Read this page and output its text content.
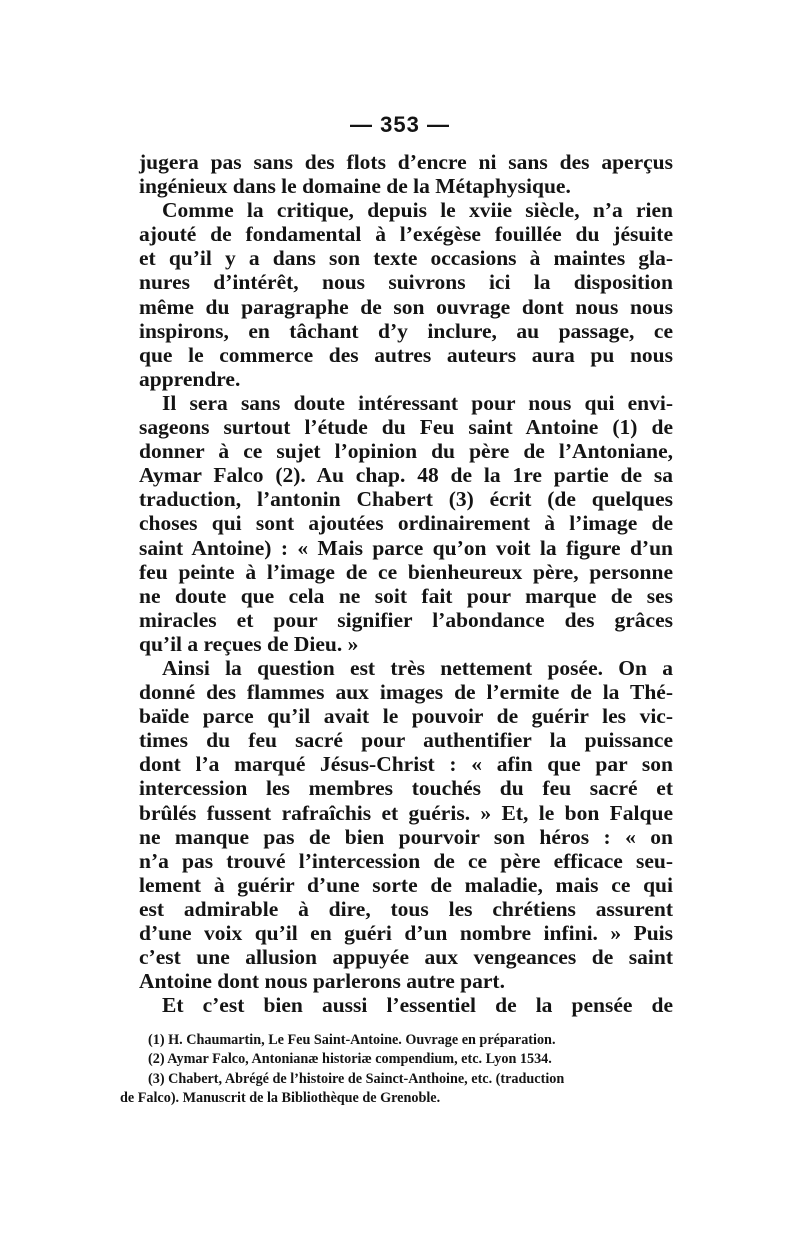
— 353 —
jugera pas sans des flots d’encre ni sans des aperçus
ingénieux dans le domaine de la Métaphysique.
Comme la critique, depuis le xviie siècle, n’a rien
ajouté de fondamental à l’exégèse fouillée du jésuite
et qu’il y a dans son texte occasions à maintes gla-
nures d’intérêt, nous suivrons ici la disposition
même du paragraphe de son ouvrage dont nous nous
inspirons, en tâchant d’y inclure, au passage, ce
que le commerce des autres auteurs aura pu nous
apprendre.
Il sera sans doute intéressant pour nous qui envi-
sageons surtout l’étude du Feu saint Antoine (1) de
donner à ce sujet l’opinion du père de l’Antoniane,
Aymar Falco (2). Au chap. 48 de la 1re partie de sa
traduction, l’antonin Chabert (3) écrit (de quelques
choses qui sont ajoutées ordinairement à l’image de
saint Antoine) : « Mais parce qu’on voit la figure d’un
feu peinte à l’image de ce bienheureux père, personne
ne doute que cela ne soit fait pour marque de ses
miracles et pour signifier l’abondance des grâces
qu’il a reçues de Dieu. »
Ainsi la question est très nettement posée. On a
donné des flammes aux images de l’ermite de la Thé-
baïde parce qu’il avait le pouvoir de guérir les vic-
times du feu sacré pour authentifier la puissance
dont l’a marqué Jésus-Christ : « afin que par son
intercession les membres touchés du feu sacré et
brûlés fussent rafraîchis et guéris. » Et, le bon Falque
ne manque pas de bien pourvoir son héros : « on
n’a pas trouvé l’intercession de ce père efficace seu-
lement à guérir d’une sorte de maladie, mais ce qui
est admirable à dire, tous les chrétiens assurent
d’une voix qu’il en guéri d’un nombre infini. » Puis
c’est une allusion appuyée aux vengeances de saint
Antoine dont nous parlerons autre part.
Et c’est bien aussi l’essentiel de la pensée de
(1) H. Chaumartin, Le Feu Saint-Antoine. Ouvrage en préparation.
(2) Aymar Falco, Antonianæ historiæ compendium, etc. Lyon 1534.
(3) Chabert, Abrégé de l’histoire de Sainct-Anthoine, etc. (traduction
de Falco). Manuscrit de la Bibliothèque de Grenoble.
